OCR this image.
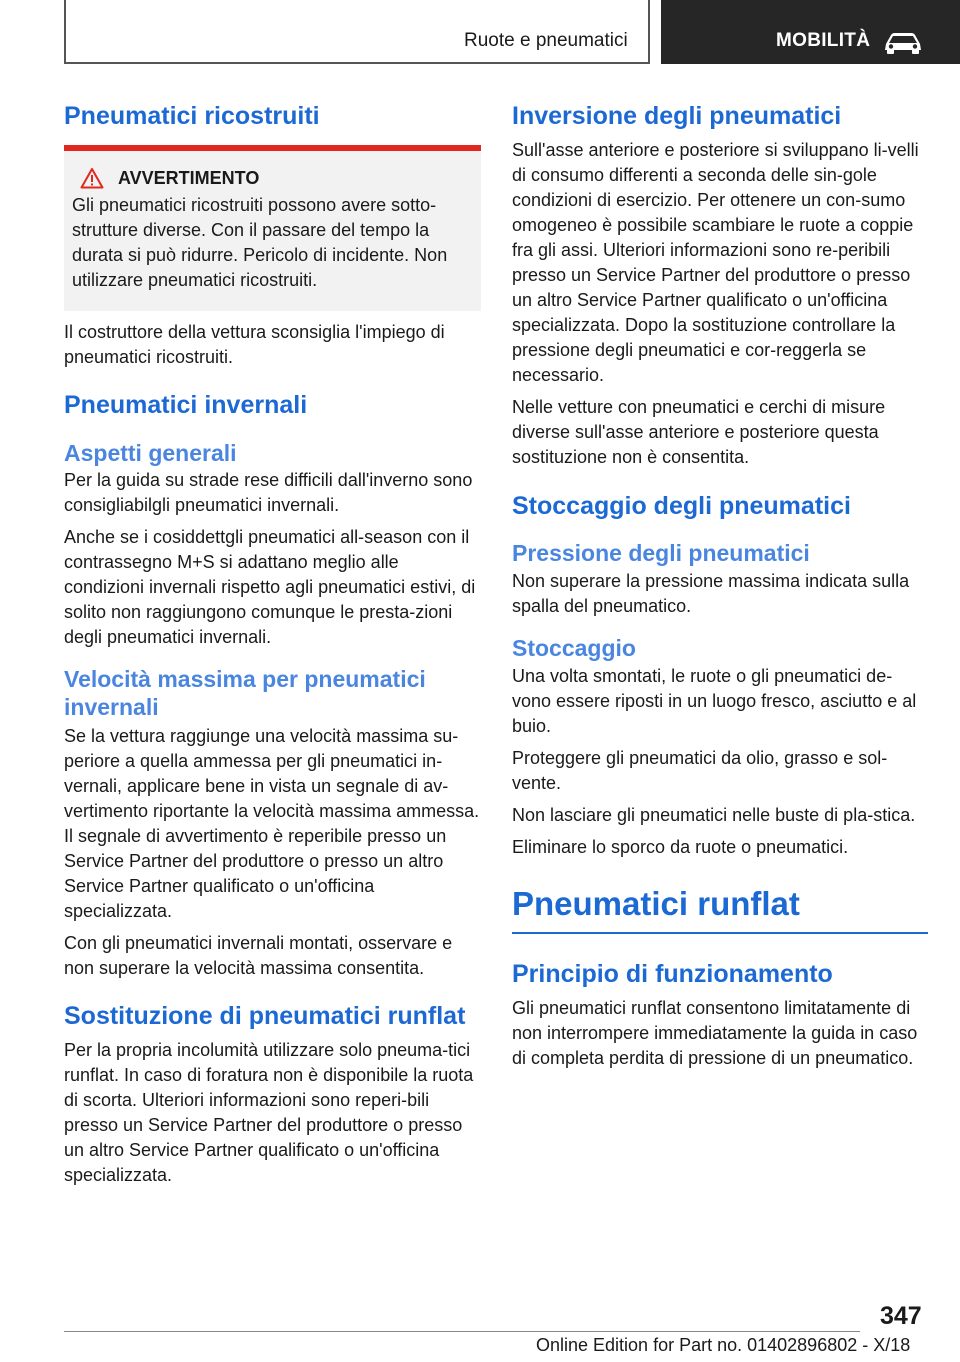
Ruote e pneumatici	MOBILITÀ
Pneumatici ricostruiti
AVVERTIMENTO

Gli pneumatici ricostruiti possono avere sotto-strutture diverse. Con il passare del tempo la durata si può ridurre. Pericolo di incidente. Non utilizzare pneumatici ricostruiti.

Il costruttore della vettura sconsiglia l'impiego di pneumatici ricostruiti.

Pneumatici invernali
Aspetti generali

Per la guida su strade rese difficili dall'inverno sono consigliabilgli pneumatici invernali.

Anche se i cosiddettgli pneumatici all-season con il contrassegno M+S si adattano meglio alle condizioni invernali rispetto agli pneumatici estivi, di solito non raggiungono comunque le presta-zioni degli pneumatici invernali.

Velocità massima per pneumatici invernali

Se la vettura raggiunge una velocità massima su-periore a quella ammessa per gli pneumatici in-vernali, applicare bene in vista un segnale di av-vertimento riportante la velocità massima ammessa. Il segnale di avvertimento è reperibile presso un Service Partner del produttore o presso un altro Service Partner qualificato o un'officina specializzata.

Con gli pneumatici invernali montati, osservare e non superare la velocità massima consentita.

Sostituzione di pneumatici runflat

Per la propria incolumità utilizzare solo pneuma-tici runflat. In caso di foratura non è disponibile la ruota di scorta. Ulteriori informazioni sono reperi-bili presso un Service Partner del produttore o presso un altro Service Partner qualificato o un'officina specializzata.

Inversione degli pneumatici

Sull'asse anteriore e posteriore si sviluppano li-velli di consumo differenti a seconda delle sin-gole condizioni di esercizio. Per ottenere un con-sumo omogeneo è possibile scambiare le ruote a coppie fra gli assi. Ulteriori informazioni sono re-peribili presso un Service Partner del produttore o presso un altro Service Partner qualificato o un'officina specializzata. Dopo la sostituzione controllare la pressione degli pneumatici e cor-reggerla se necessario.

Nelle vetture con pneumatici e cerchi di misure diverse sull'asse anteriore e posteriore questa sostituzione non è consentita.

Stoccaggio degli pneumatici
Pressione degli pneumatici

Non superare la pressione massima indicata sulla spalla del pneumatico.

Stoccaggio

Una volta smontati, le ruote o gli pneumatici de-vono essere riposti in un luogo fresco, asciutto e al buio.

Proteggere gli pneumatici da olio, grasso e sol-vente.

Non lasciare gli pneumatici nelle buste di pla-stica.

Eliminare lo sporco da ruote o pneumatici.

Pneumatici runflat
Principio di funzionamento

Gli pneumatici runflat consentono limitatamente di non interrompere immediatamente la guida in caso di completa perdita di pressione di un pneumatico.

347
Online Edition for Part no. 01402896802 - X/18
